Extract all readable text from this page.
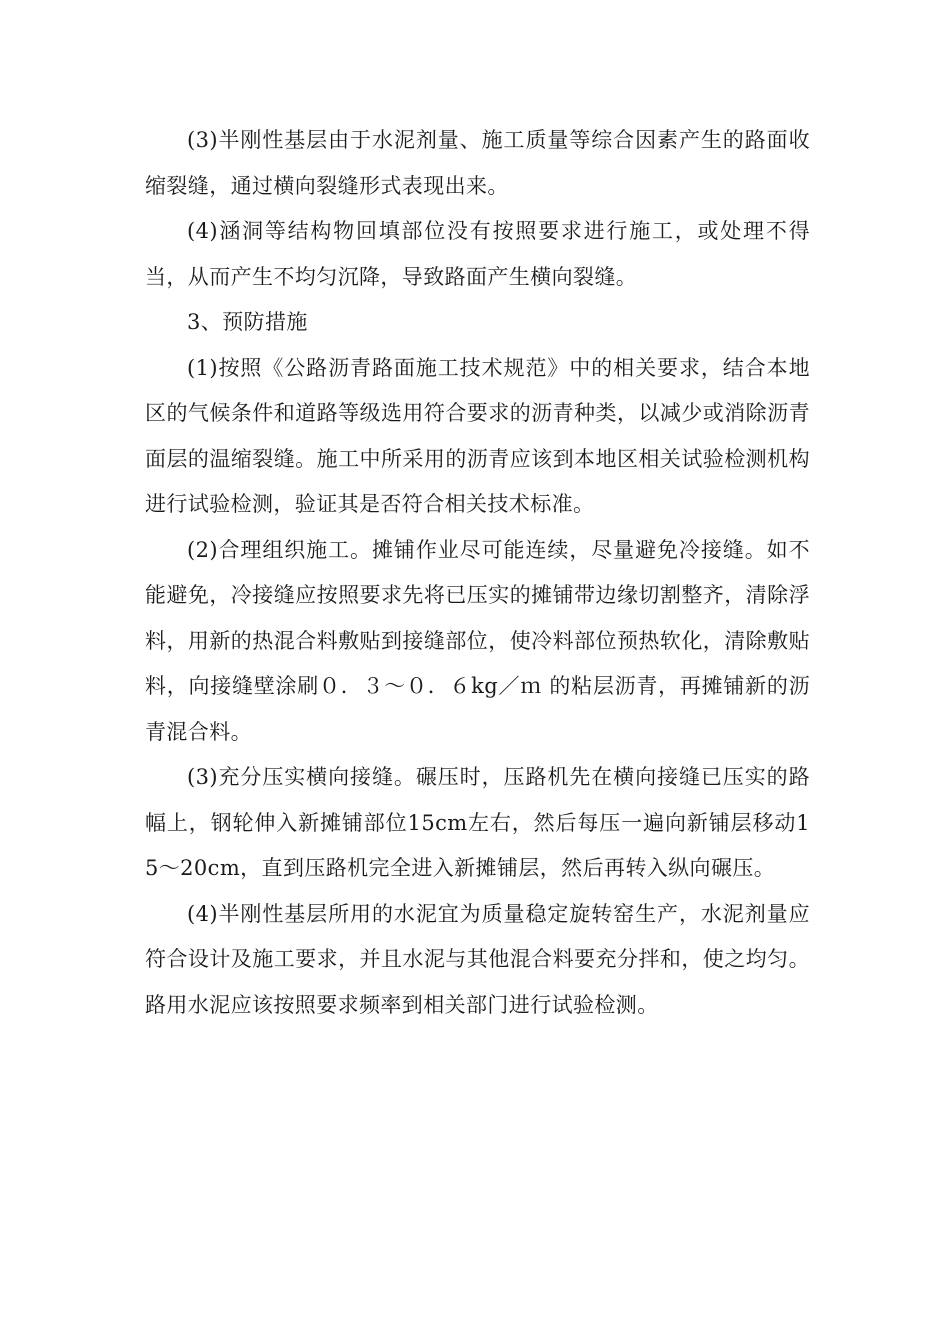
(3)半刚性基层由于水泥剂量、施工质量等综合因素产生的路面收缩裂缝，通过横向裂缝形式表现出来。

(4)涵洞等结构物回填部位没有按照要求进行施工，或处理不得当，从而产生不均匀沉降，导致路面产生横向裂缝。

3、预防措施

(1)按照《公路沥青路面施工技术规范》中的相关要求，结合本地区的气候条件和道路等级选用符合要求的沥青种类，以减少或消除沥青面层的温缩裂缝。施工中所采用的沥青应该到本地区相关试验检测机构进行试验检测，验证其是否符合相关技术标准。

(2)合理组织施工。摊铺作业尽可能连续，尽量避免冷接缝。如不能避免，冷接缝应按照要求先将已压实的摊铺带边缘切割整齐，清除浮料，用新的热混合料敷贴到接缝部位，使冷料部位预热软化，清除敷贴料，向接缝壁涂刷０．３～０．６kg／ｍ 的粘层沥青，再摊铺新的沥青混合料。

(3)充分压实横向接缝。碾压时，压路机先在横向接缝已压实的路幅上，钢轮伸入新摊铺部位15cm左右，然后每压一遍向新铺层移动15～20cm，直到压路机完全进入新摊铺层，然后再转入纵向碾压。

(4)半刚性基层所用的水泥宜为质量稳定旋转窑生产，水泥剂量应符合设计及施工要求，并且水泥与其他混合料要充分拌和，使之均匀。路用水泥应该按照要求频率到相关部门进行试验检测。
